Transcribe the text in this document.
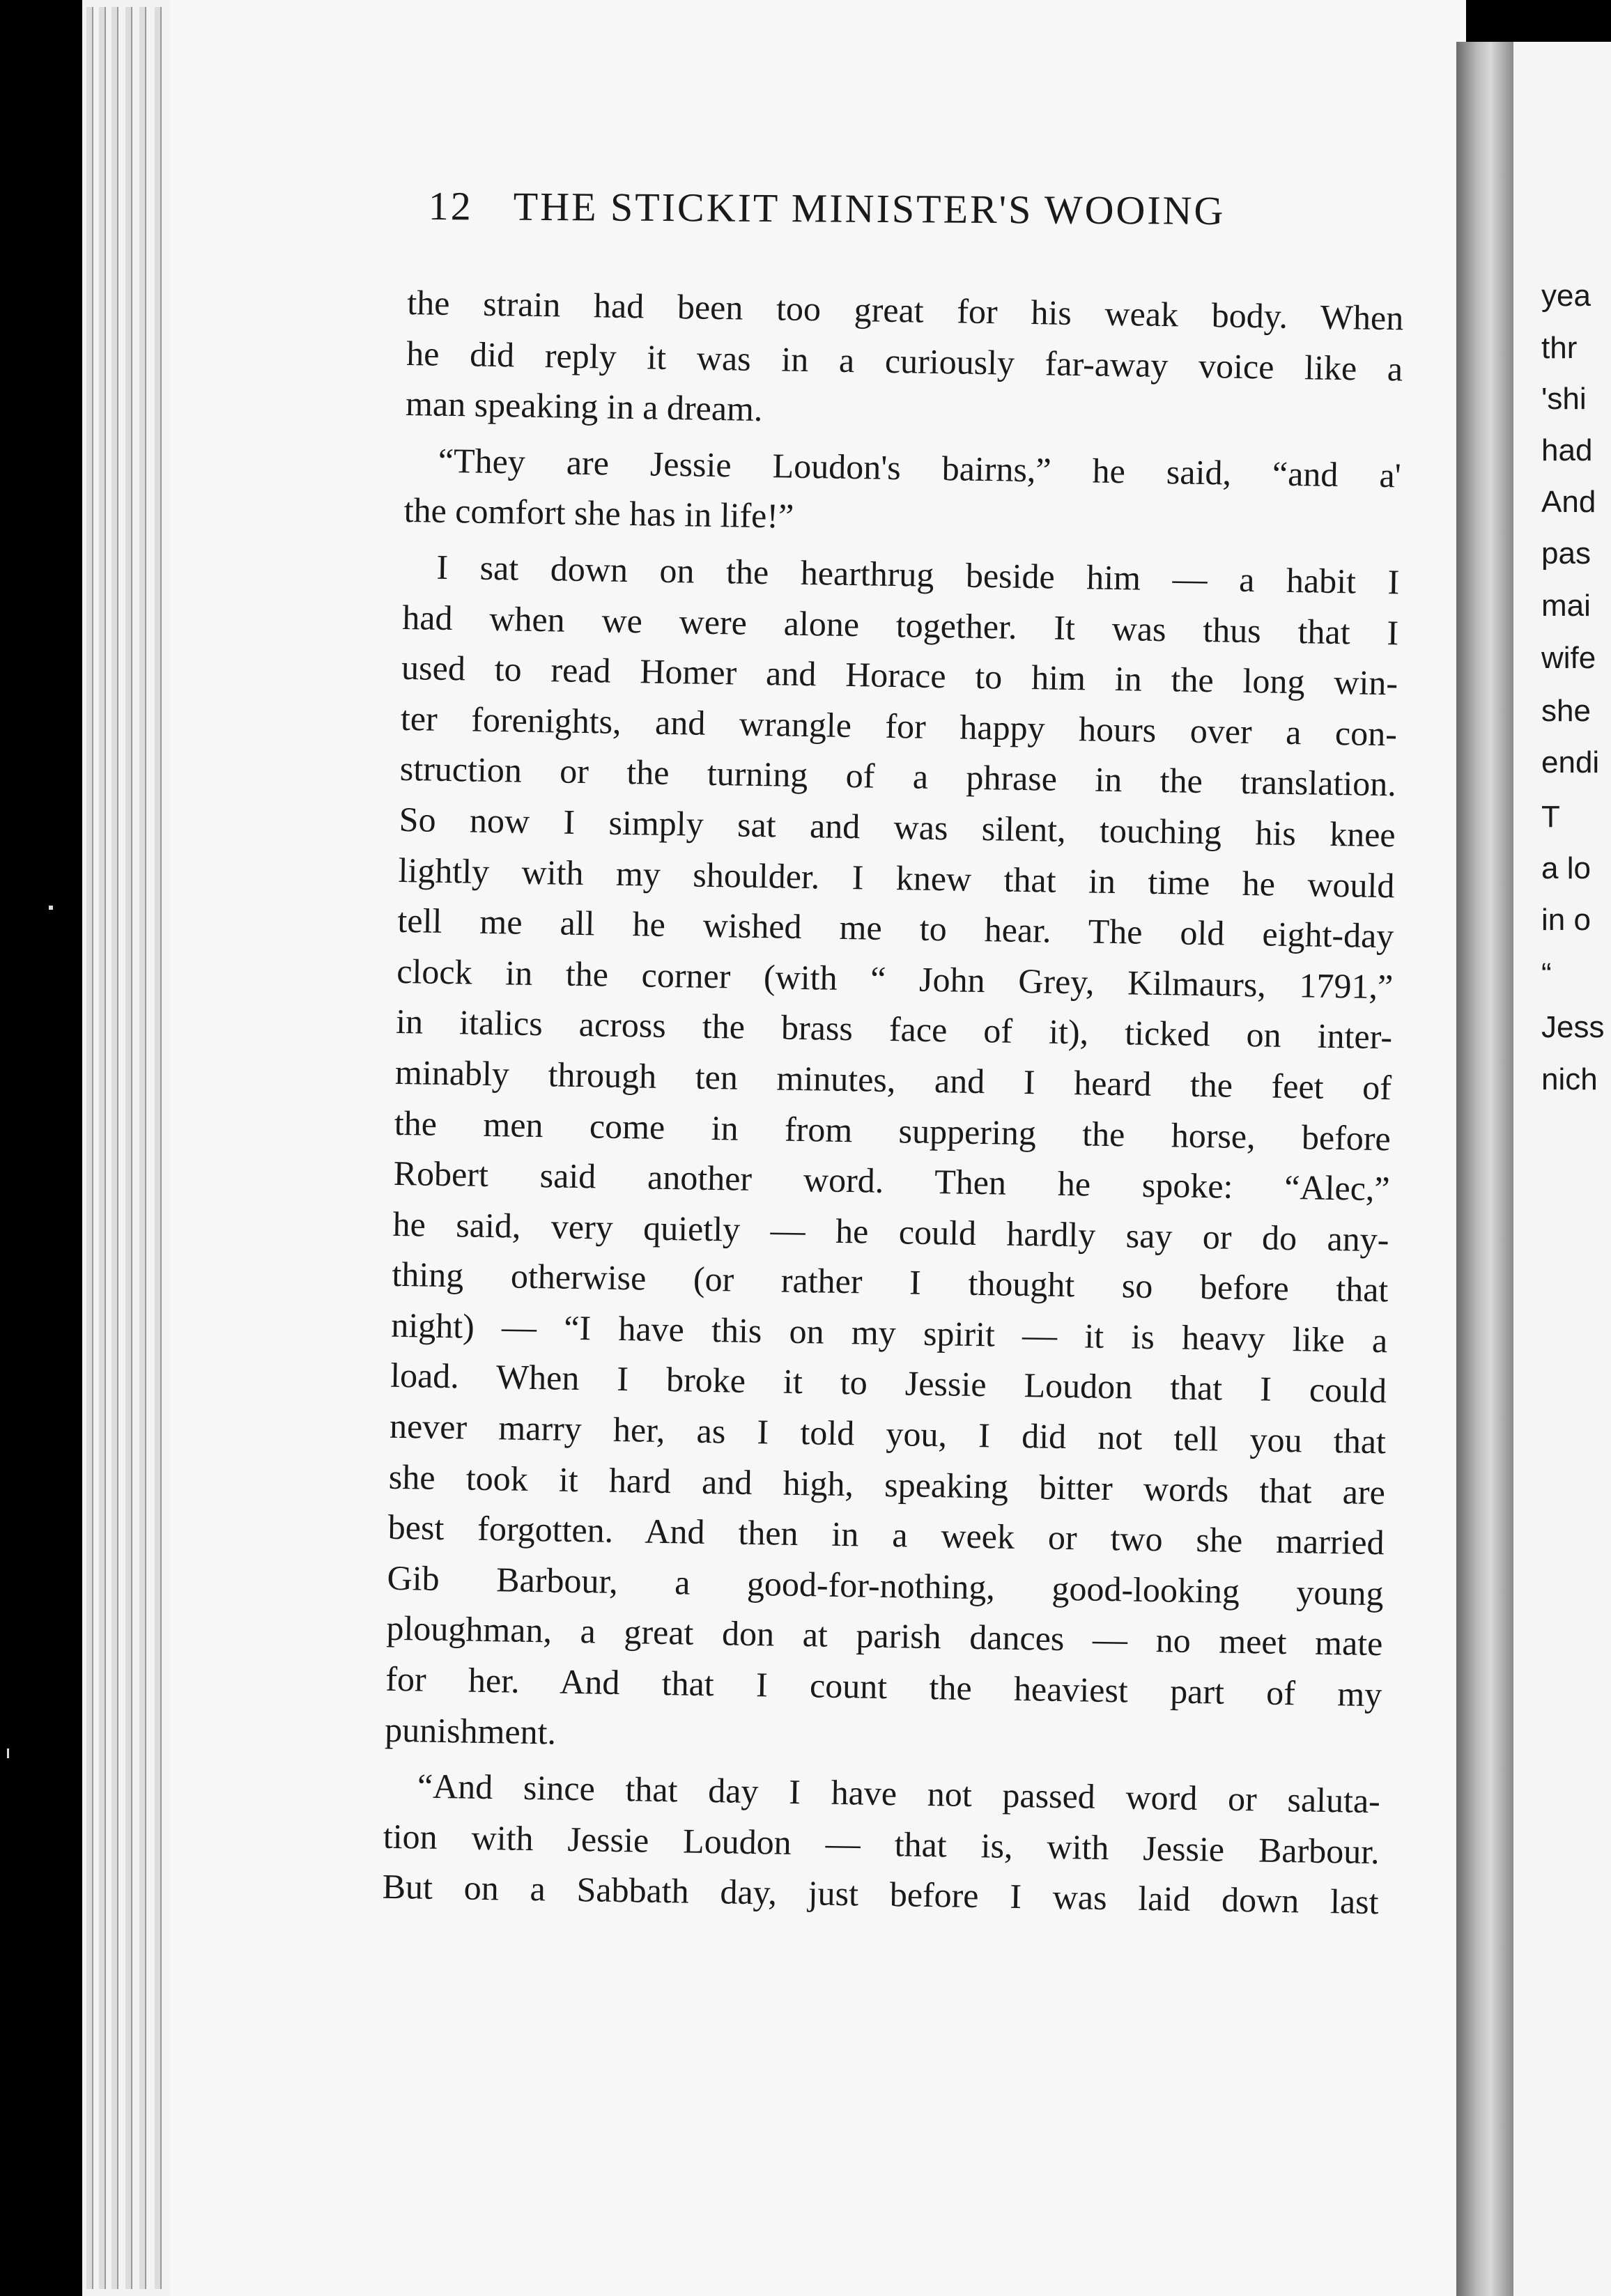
12 THE STICKIT MINISTER'S WOOING
the strain had been too great for his weak body. When
he did reply it was in a curiously far-away voice like a
man speaking in a dream.
“They are Jessie Loudon's bairns,” he said, “and a'
the comfort she has in life!”
I sat down on the hearthrug beside him — a habit I
had when we were alone together. It was thus that I
used to read Homer and Horace to him in the long win-
ter forenights, and wrangle for happy hours over a con-
struction or the turning of a phrase in the translation.
So now I simply sat and was silent, touching his knee
lightly with my shoulder. I knew that in time he would
tell me all he wished me to hear. The old eight-day
clock in the corner (with “ John Grey, Kilmaurs, 1791,”
in italics across the brass face of it), ticked on inter-
minably through ten minutes, and I heard the feet of
the men come in from suppering the horse, before
Robert said another word. Then he spoke: “Alec,”
he said, very quietly — he could hardly say or do any-
thing otherwise (or rather I thought so before that
night) — “I have this on my spirit — it is heavy like a
load. When I broke it to Jessie Loudon that I could
never marry her, as I told you, I did not tell you that
she took it hard and high, speaking bitter words that are
best forgotten. And then in a week or two she married
Gib Barbour, a good-for-nothing, good-looking young
ploughman, a great don at parish dances — no meet mate
for her. And that I count the heaviest part of my
punishment.
“And since that day I have not passed word or saluta-
tion with Jessie Loudon — that is, with Jessie Barbour.
But on a Sabbath day, just before I was laid down last
yea
thr
'shi
had
And
pas
mai
wife
she
endi
T
a lo
in o
“
Jess
nich
